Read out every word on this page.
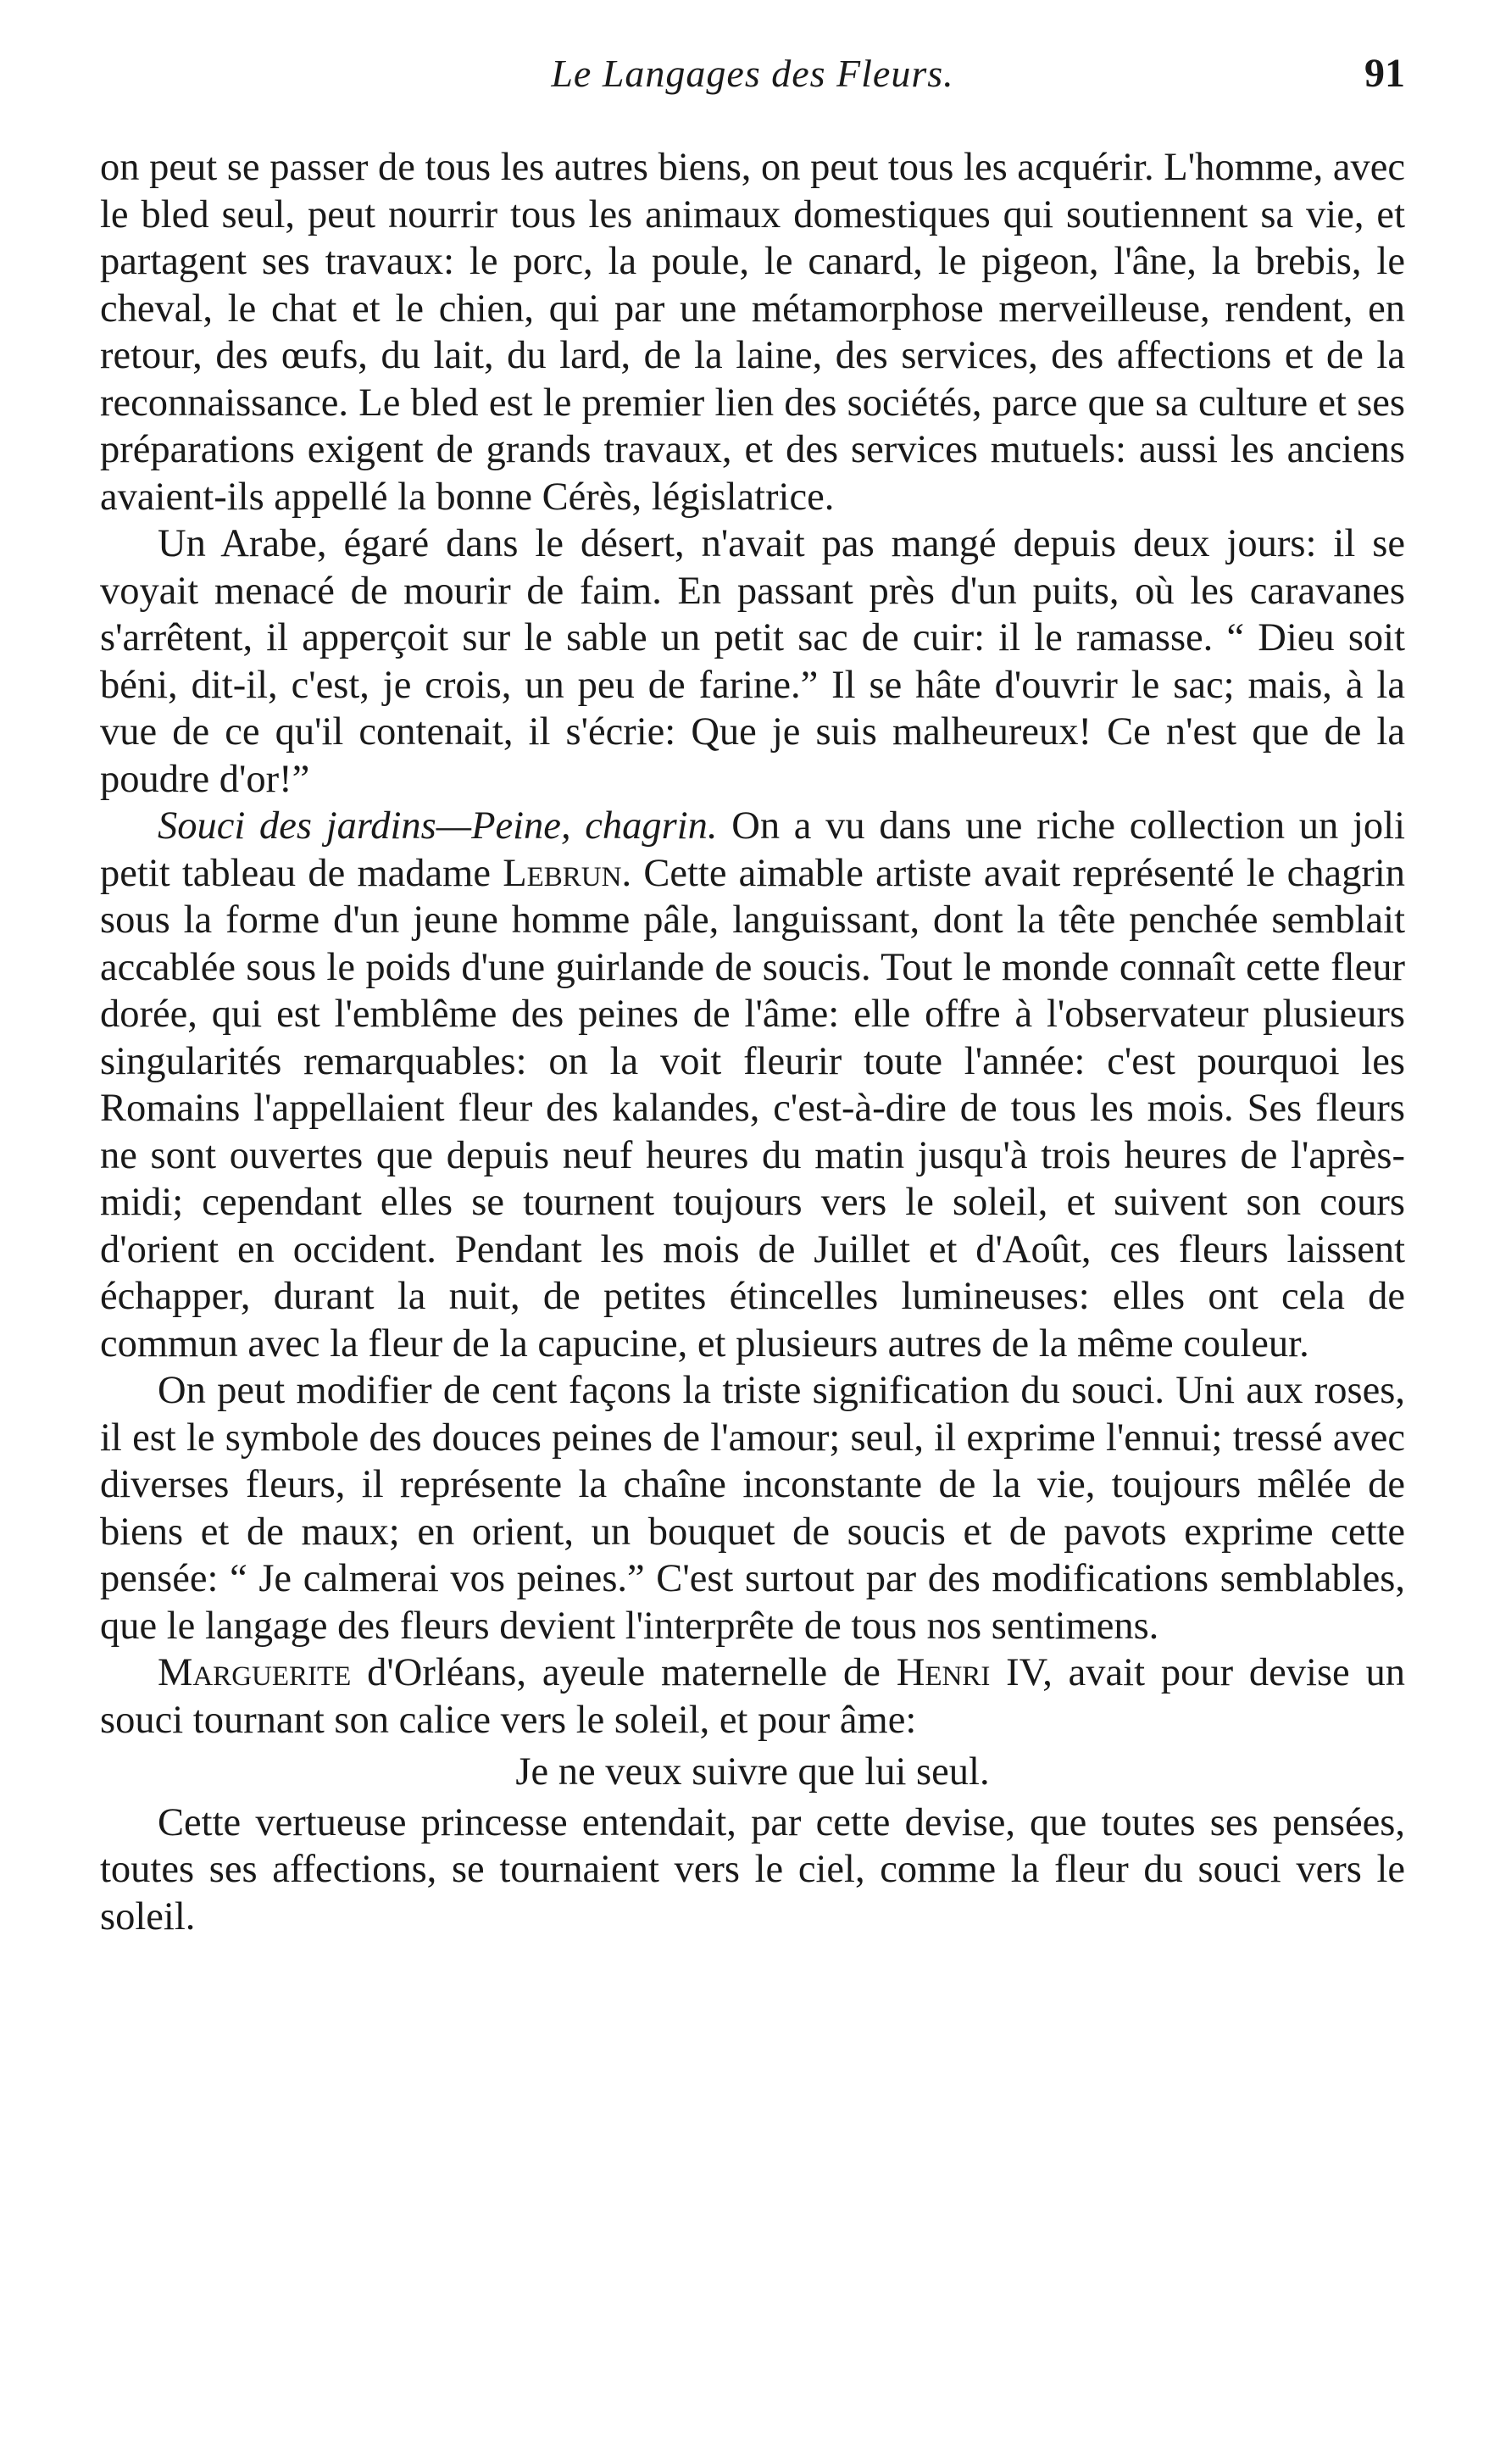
Le Langages des Fleurs.	91

on peut se passer de tous les autres biens, on peut tous les acquérir. L'homme, avec le bled seul, peut nourrir tous les animaux domestiques qui soutiennent sa vie, et partagent ses travaux: le porc, la poule, le canard, le pigeon, l'âne, la brebis, le cheval, le chat et le chien, qui par une métamorphose merveilleuse, rendent, en retour, des œufs, du lait, du lard, de la laine, des services, des affections et de la reconnaissance. Le bled est le premier lien des sociétés, parce que sa culture et ses préparations exigent de grands travaux, et des services mutuels: aussi les anciens avaient-ils appellé la bonne Cérès, législatrice.

Un Arabe, égaré dans le désert, n'avait pas mangé depuis deux jours: il se voyait menacé de mourir de faim. En passant près d'un puits, où les caravanes s'arrêtent, il apperçoit sur le sable un petit sac de cuir: il le ramasse. “ Dieu soit béni, dit-il, c'est, je crois, un peu de farine.” Il se hâte d'ouvrir le sac; mais, à la vue de ce qu'il contenait, il s'écrie: Que je suis malheureux! Ce n'est que de la poudre d'or!”

Souci des jardins—Peine, chagrin. On a vu dans une riche collection un joli petit tableau de madame Lebrun. Cette aimable artiste avait représenté le chagrin sous la forme d'un jeune homme pâle, languissant, dont la tête penchée semblait accablée sous le poids d'une guirlande de soucis. Tout le monde connaît cette fleur dorée, qui est l'emblême des peines de l'âme: elle offre à l'observateur plusieurs singularités remarquables: on la voit fleurir toute l'année: c'est pourquoi les Romains l'appellaient fleur des kalandes, c'est-à-dire de tous les mois. Ses fleurs ne sont ouvertes que depuis neuf heures du matin jusqu'à trois heures de l'après-midi; cependant elles se tournent toujours vers le soleil, et suivent son cours d'orient en occident. Pendant les mois de Juillet et d'Août, ces fleurs laissent échapper, durant la nuit, de petites étincelles lumineuses: elles ont cela de commun avec la fleur de la capucine, et plusieurs autres de la même couleur.

On peut modifier de cent façons la triste signification du souci. Uni aux roses, il est le symbole des douces peines de l'amour; seul, il exprime l'ennui; tressé avec diverses fleurs, il représente la chaîne inconstante de la vie, toujours mêlée de biens et de maux; en orient, un bouquet de soucis et de pavots exprime cette pensée: “ Je calmerai vos peines.” C'est surtout par des modifications semblables, que le langage des fleurs devient l'interprête de tous nos sentimens.

Marguerite d'Orléans, ayeule maternelle de Henri IV, avait pour devise un souci tournant son calice vers le soleil, et pour âme:

Je ne veux suivre que lui seul.

Cette vertueuse princesse entendait, par cette devise, que toutes ses pensées, toutes ses affections, se tournaient vers le ciel, comme la fleur du souci vers le soleil.
